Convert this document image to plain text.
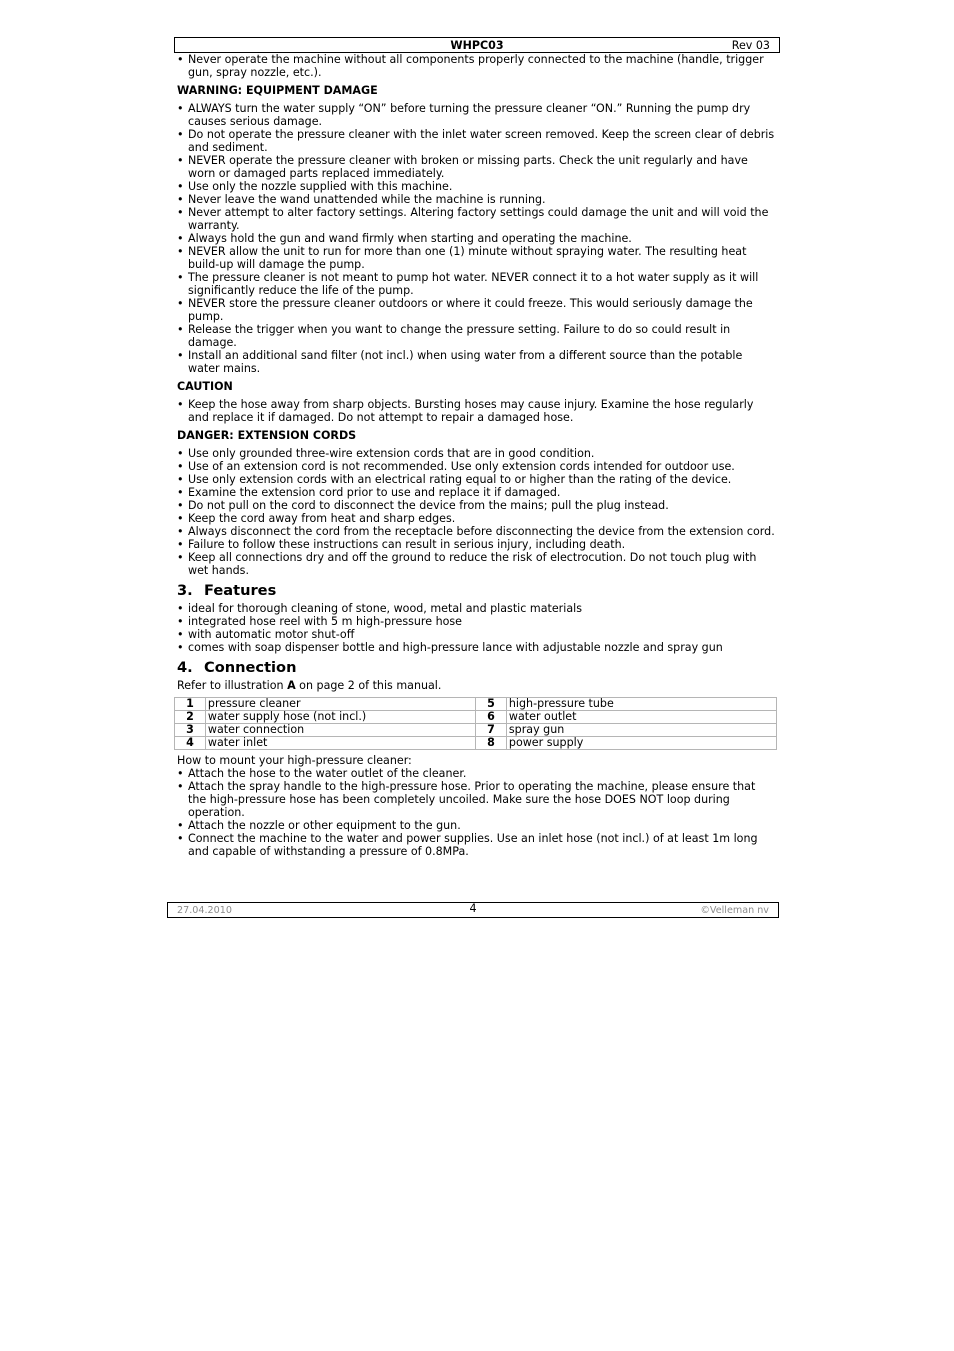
WHPC03	Rev 03
• Never operate the machine without all components properly connected to the machine (handle, trigger gun, spray nozzle, etc.).
WARNING: EQUIPMENT DAMAGE
• ALWAYS turn the water supply “ON” before turning the pressure cleaner “ON.” Running the pump dry causes serious damage.
• Do not operate the pressure cleaner with the inlet water screen removed. Keep the screen clear of debris and sediment.
• NEVER operate the pressure cleaner with broken or missing parts. Check the unit regularly and have worn or damaged parts replaced immediately.
• Use only the nozzle supplied with this machine.
• Never leave the wand unattended while the machine is running.
• Never attempt to alter factory settings. Altering factory settings could damage the unit and will void the warranty.
• Always hold the gun and wand firmly when starting and operating the machine.
• NEVER allow the unit to run for more than one (1) minute without spraying water. The resulting heat build-up will damage the pump.
• The pressure cleaner is not meant to pump hot water. NEVER connect it to a hot water supply as it will significantly reduce the life of the pump.
• NEVER store the pressure cleaner outdoors or where it could freeze. This would seriously damage the pump.
• Release the trigger when you want to change the pressure setting. Failure to do so could result in damage.
• Install an additional sand filter (not incl.) when using water from a different source than the potable water mains.
CAUTION
• Keep the hose away from sharp objects. Bursting hoses may cause injury. Examine the hose regularly and replace it if damaged. Do not attempt to repair a damaged hose.
DANGER: EXTENSION CORDS
• Use only grounded three-wire extension cords that are in good condition.
• Use of an extension cord is not recommended. Use only extension cords intended for outdoor use.
• Use only extension cords with an electrical rating equal to or higher than the rating of the device.
• Examine the extension cord prior to use and replace it if damaged.
• Do not pull on the cord to disconnect the device from the mains; pull the plug instead.
• Keep the cord away from heat and sharp edges.
• Always disconnect the cord from the receptacle before disconnecting the device from the extension cord.
• Failure to follow these instructions can result in serious injury, including death.
• Keep all connections dry and off the ground to reduce the risk of electrocution. Do not touch plug with wet hands.
3. Features
• ideal for thorough cleaning of stone, wood, metal and plastic materials
• integrated hose reel with 5 m high-pressure hose
• with automatic motor shut-off
• comes with soap dispenser bottle and high-pressure lance with adjustable nozzle and spray gun
4. Connection

Refer to illustration A on page 2 of this manual.

1	pressure cleaner	5	high-pressure tube
2	water supply hose (not incl.)	6	water outlet
3	water connection	7	spray gun
4	water inlet	8	power supply
How to mount your high-pressure cleaner:
• Attach the hose to the water outlet of the cleaner.
• Attach the spray handle to the high-pressure hose. Prior to operating the machine, please ensure that the high-pressure hose has been completely uncoiled. Make sure the hose DOES NOT loop during operation.
• Attach the nozzle or other equipment to the gun.
• Connect the machine to the water and power supplies. Use an inlet hose (not incl.) of at least 1m long and capable of withstanding a pressure of 0.8MPa.
27.04.2010	4	©Velleman nv
